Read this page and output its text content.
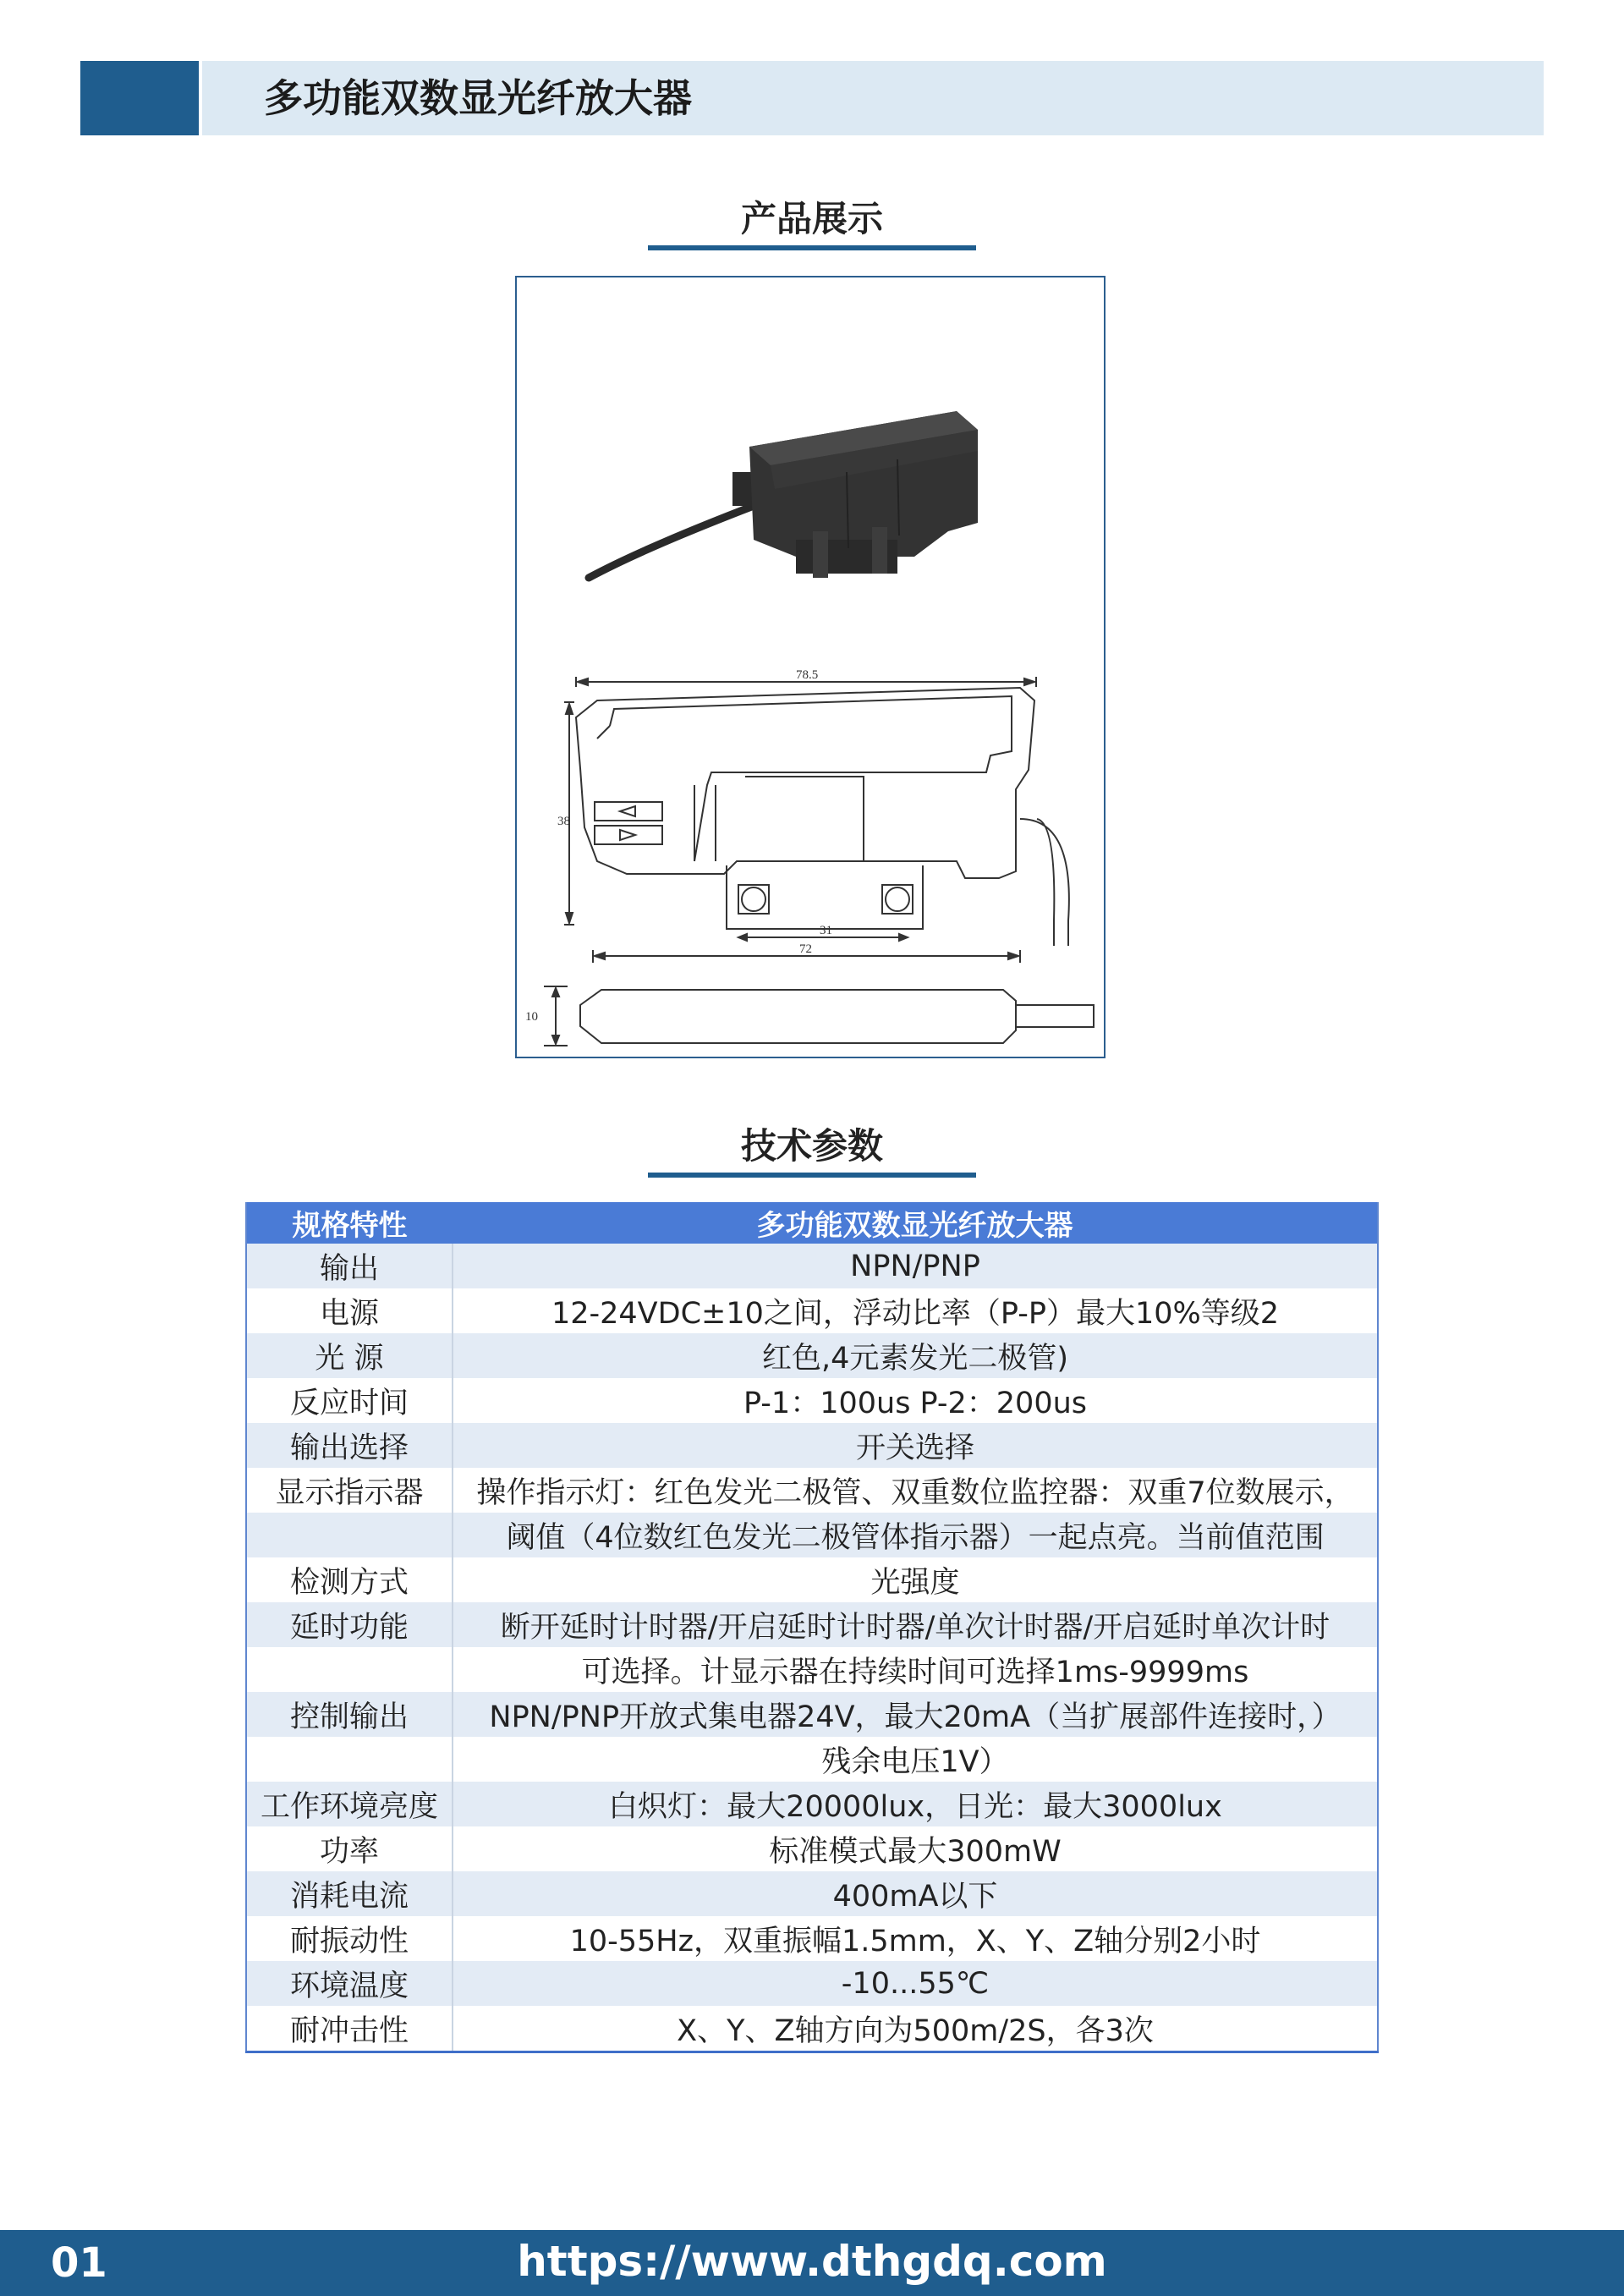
多功能双数显光纤放大器
产品展示
78.5
38
31
72
10
技术参数
规格特性	多功能双数显光纤放大器
输出	NPN/PNP
电源	12-24VDC±10之间，浮动比率（P-P）最大10%等级2
光 源	红色,4元素发光二极管)
反应时间	P-1：100us P-2：200us
输出选择	开关选择
显示指示器	操作指示灯：红色发光二极管、双重数位监控器：双重7位数展示，
	阈值（4位数红色发光二极管体指示器）一起点亮。当前值范围
检测方式	光强度
延时功能	断开延时计时器/开启延时计时器/单次计时器/开启延时单次计时
	可选择。计显示器在持续时间可选择1ms-9999ms
控制输出	NPN/PNP开放式集电器24V，最大20mA（当扩展部件连接时，）
	残余电压1V）
工作环境亮度	白炽灯：最大20000lux，日光：最大3000lux
功率	标准模式最大300mW
消耗电流	400mA以下
耐振动性	10-55Hz，双重振幅1.5mm，X、Y、Z轴分别2小时
环境温度	-10...55℃
耐冲击性	X、Y、Z轴方向为500m/2S，各3次
01	https://www.dthgdq.com
